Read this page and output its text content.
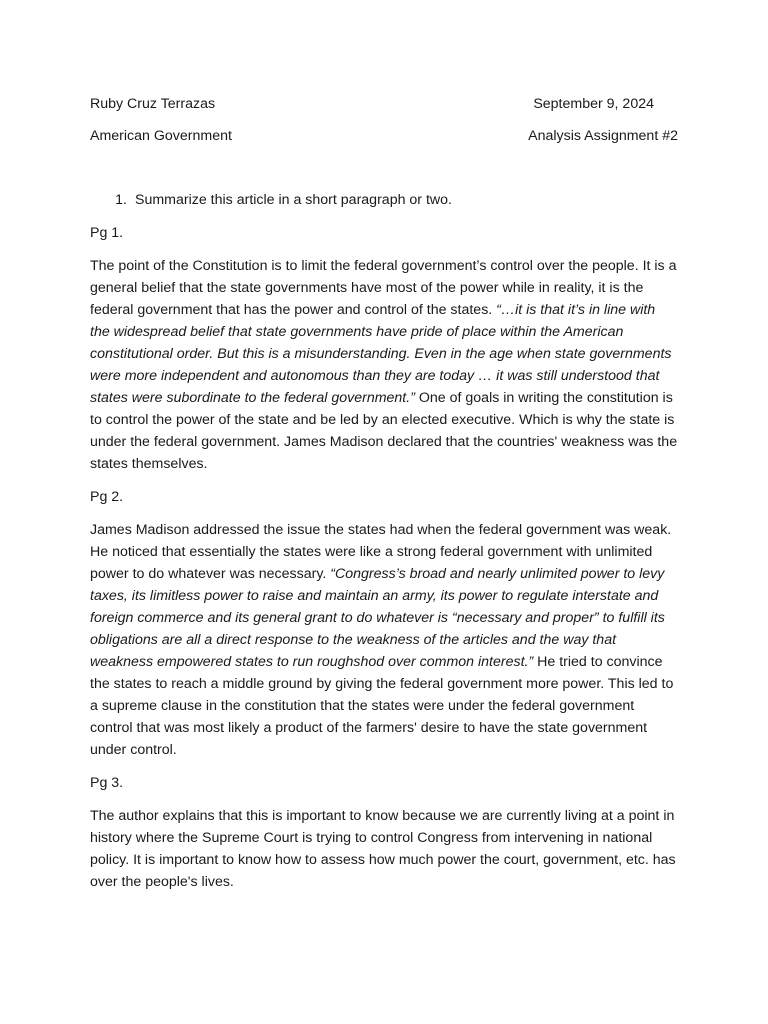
Ruby Cruz Terrazas	September 9, 2024
American Government	Analysis Assignment #2
1. Summarize this article in a short paragraph or two.
Pg 1.
The point of the Constitution is to limit the federal government’s control over the people. It is a general belief that the state governments have most of the power while in reality, it is the federal government that has the power and control of the states. “…it is that it’s in line with the widespread belief that state governments have pride of place within the American constitutional order. But this is a misunderstanding. Even in the age when state governments were more independent and autonomous than they are today … it was still understood that states were subordinate to the federal government.” One of goals in writing the constitution is to control the power of the state and be led by an elected executive. Which is why the state is under the federal government. James Madison declared that the countries' weakness was the states themselves.
Pg 2.
James Madison addressed the issue the states had when the federal government was weak. He noticed that essentially the states were like a strong federal government with unlimited power to do whatever was necessary. “Congress’s broad and nearly unlimited power to levy taxes, its limitless power to raise and maintain an army, its power to regulate interstate and foreign commerce and its general grant to do whatever is “necessary and proper” to fulfill its obligations are all a direct response to the weakness of the articles and the way that weakness empowered states to run roughshod over common interest.” He tried to convince the states to reach a middle ground by giving the federal government more power. This led to a supreme clause in the constitution that the states were under the federal government control that was most likely a product of the farmers' desire to have the state government under control.
Pg 3.
The author explains that this is important to know because we are currently living at a point in history where the Supreme Court is trying to control Congress from intervening in national policy. It is important to know how to assess how much power the court, government, etc. has over the people's lives.
